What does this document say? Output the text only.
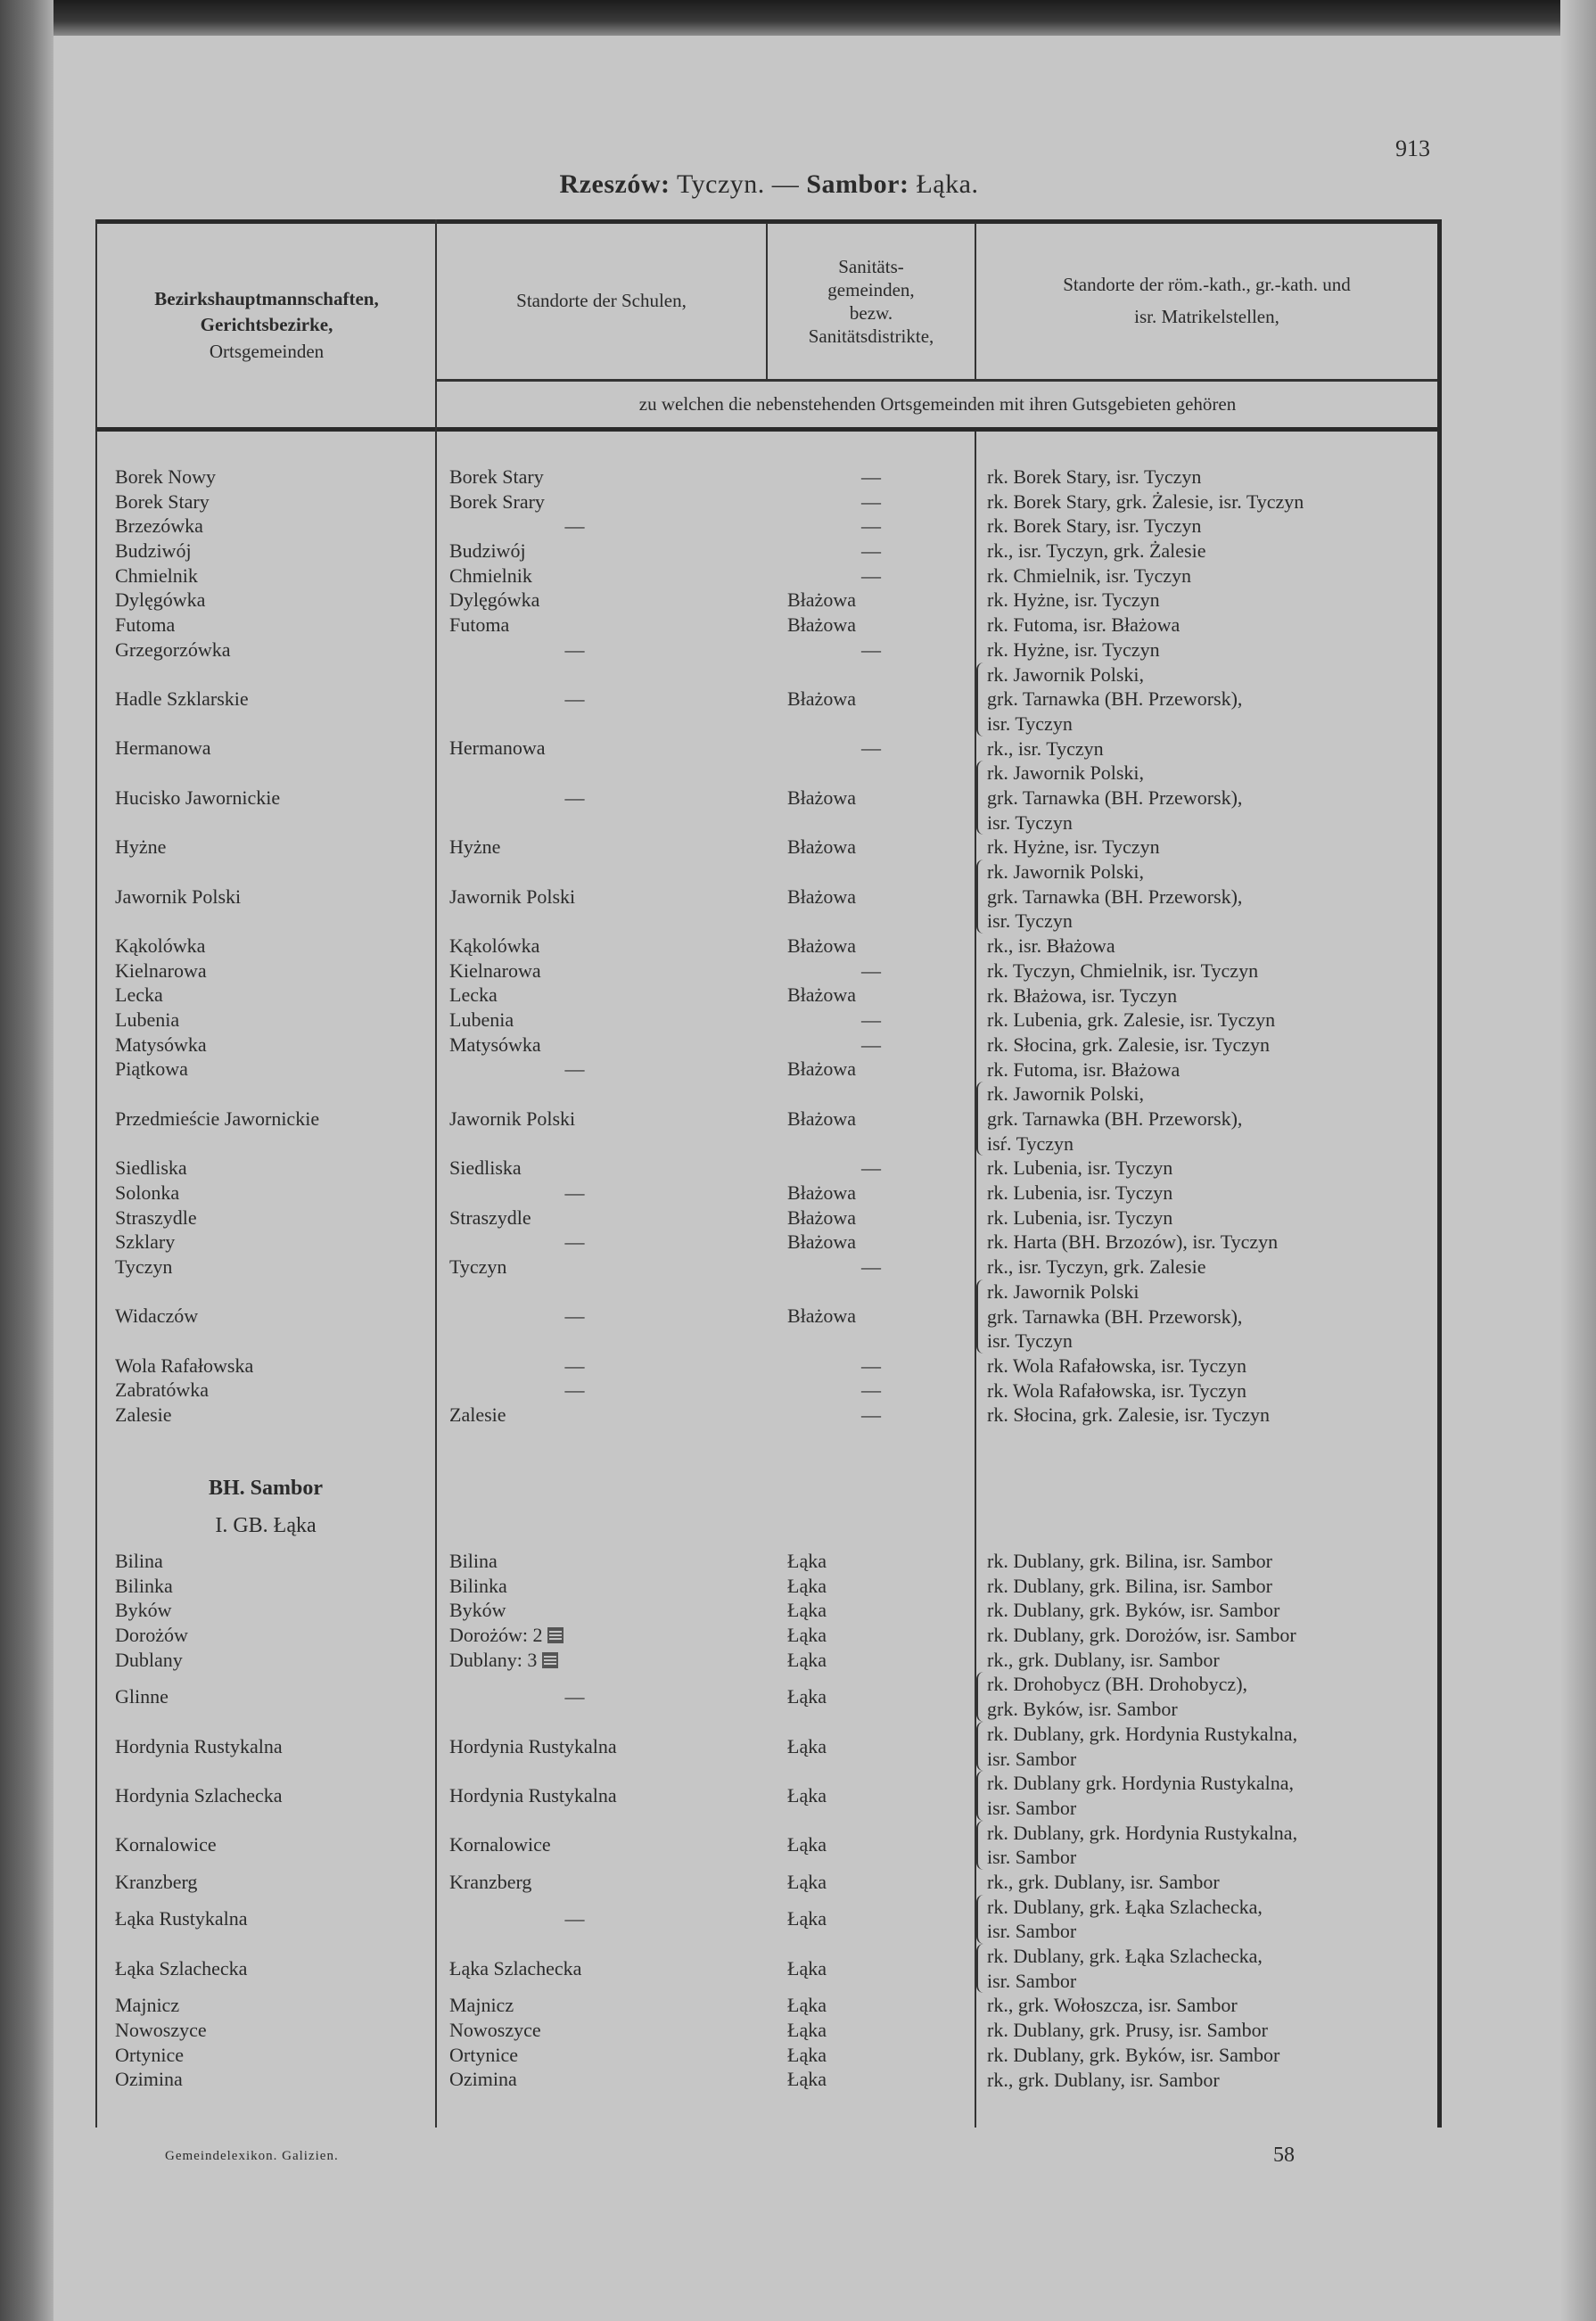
Rzeszów: Tyczyn. — Sambor: Łąka.
913
Bezirkshauptmannschaften,
Gerichtsbezirke,
Ortsgemeinden
Standorte der Schulen,
Sanitäts-
gemeinden,
bezw.
Sanitätsdistrikte,
Standorte der röm.-kath., gr.-kath. und
isr. Matrikelstellen,
zu welchen die nebenstehenden Ortsgemeinden mit ihren Gutsgebieten gehören
Borek Nowy	Borek Stary	—	rk. Borek Stary, isr. Tyczyn
Borek Stary	Borek Srary	—	rk. Borek Stary, grk. Żalesie, isr. Tyczyn
Brzezówka	—	—	rk. Borek Stary, isr. Tyczyn
Budziwój	Budziwój	—	rk., isr. Tyczyn, grk. Żalesie
Chmielnik	Chmielnik	—	rk. Chmielnik, isr. Tyczyn
Dylęgówka	Dylęgówka	Błażowa	rk. Hyżne, isr. Tyczyn
Futoma	Futoma	Błażowa	rk. Futoma, isr. Błażowa
Grzegorzówka	—	—	rk. Hyżne, isr. Tyczyn
Hadle Szklarskie	—	Błażowa
rk. Jawornik Polski,
grk. Tarnawka (BH. Przeworsk),
isr. Tyczyn
Hermanowa	Hermanowa	—	rk., isr. Tyczyn
Hucisko Jawornickie	—	Błażowa
rk. Jawornik Polski,
grk. Tarnawka (BH. Przeworsk),
isr. Tyczyn
Hyżne	Hyżne	Błażowa	rk. Hyżne, isr. Tyczyn
Jawornik Polski	Jawornik Polski	Błażowa
rk. Jawornik Polski,
grk. Tarnawka (BH. Przeworsk),
isr. Tyczyn
Kąkolówka	Kąkolówka	Błażowa	rk., isr. Błażowa
Kielnarowa	Kielnarowa	—	rk. Tyczyn, Chmielnik, isr. Tyczyn
Lecka	Lecka	Błażowa	rk. Błażowa, isr. Tyczyn
Lubenia	Lubenia	—	rk. Lubenia, grk. Zalesie, isr. Tyczyn
Matysówka	Matysówka	—	rk. Słocina, grk. Zalesie, isr. Tyczyn
Piątkowa	—	Błażowa	rk. Futoma, isr. Błażowa
Przedmieście Jawornickie	Jawornik Polski	Błażowa
rk. Jawornik Polski,
grk. Tarnawka (BH. Przeworsk),
isŕ. Tyczyn
Siedliska	Siedliska	—	rk. Lubenia, isr. Tyczyn
Solonka	—	Błażowa	rk. Lubenia, isr. Tyczyn
Straszydle	Straszydle	Błażowa	rk. Lubenia, isr. Tyczyn
Szklary	—	Błażowa	rk. Harta (BH. Brzozów), isr. Tyczyn
Tyczyn	Tyczyn	—	rk., isr. Tyczyn, grk. Zalesie
Widaczów	—	Błażowa
rk. Jawornik Polski
grk. Tarnawka (BH. Przeworsk),
isr. Tyczyn
Wola Rafałowska	—	—	rk. Wola Rafałowska, isr. Tyczyn
Zabratówka	—	—	rk. Wola Rafałowska, isr. Tyczyn
Zalesie	Zalesie	—	rk. Słocina, grk. Zalesie, isr. Tyczyn
BH. Sambor
I. GB. Łąka
Bilina	Bilina	Łąka	rk. Dublany, grk. Bilina, isr. Sambor
Bilinka	Bilinka	Łąka	rk. Dublany, grk. Bilina, isr. Sambor
Byków	Byków	Łąka	rk. Dublany, grk. Byków, isr. Sambor
Dorożów	Dorożów: 2	Łąka	rk. Dublany, grk. Dorożów, isr. Sambor
Dublany	Dublany: 3	Łąka	rk., grk. Dublany, isr. Sambor
Glinne	—	Łąka
rk. Drohobycz (BH. Drohobycz),
grk. Byków, isr. Sambor
Hordynia Rustykalna	Hordynia Rustykalna	Łąka
rk. Dublany, grk. Hordynia Rustykalna,
isr. Sambor
Hordynia Szlachecka	Hordynia Rustykalna	Łąka
rk. Dublany grk. Hordynia Rustykalna,
isr. Sambor
Kornalowice	Kornalowice	Łąka
rk. Dublany, grk. Hordynia Rustykalna,
isr. Sambor
Kranzberg	Kranzberg	Łąka	rk., grk. Dublany, isr. Sambor
Łąka Rustykalna	—	Łąka
rk. Dublany, grk. Łąka Szlachecka,
isr. Sambor
Łąka Szlachecka	Łąka Szlachecka	Łąka
rk. Dublany, grk. Łąka Szlachecka,
isr. Sambor
Majnicz	Majnicz	Łąka	rk., grk. Wołoszcza, isr. Sambor
Nowoszyce	Nowoszyce	Łąka	rk. Dublany, grk. Prusy, isr. Sambor
Ortynice	Ortynice	Łąka	rk. Dublany, grk. Byków, isr. Sambor
Ozimina	Ozimina	Łąka	rk., grk. Dublany, isr. Sambor
Gemeindelexikon. Galizien.	58
